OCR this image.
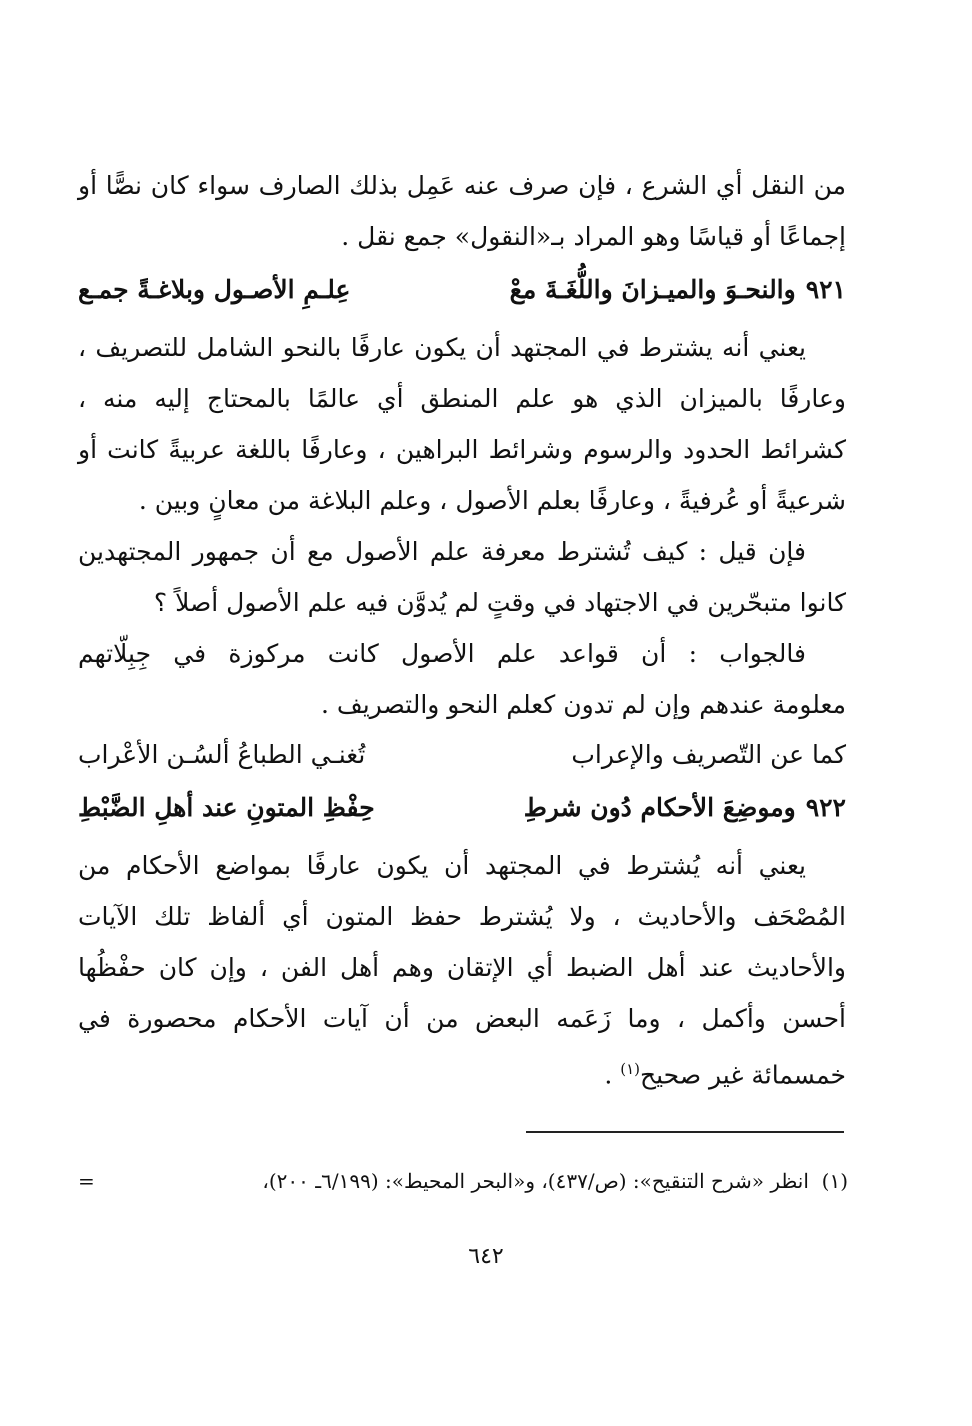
من النقل أي الشرع ، فإن صرف عنه عَمِل بذلك الصارف سواء كان نصًّا أو
إجماعًا أو قياسًا وهو المراد بـ«النقول» جمع نقل .
٩٢١والنحـوَ والميـزانَ واللُّغَـةَ معْ
عِلـمِ الأصـول وبلاغـةً جمـع
يعني أنه يشترط في المجتهد أن يكون عارفًا بالنحو الشامل للتصريف ،
وعارفًا بالميزان الذي هو علم المنطق أي عالمًا بالمحتاج إليه منه ،
كشرائط الحدود والرسوم وشرائط البراهين ، وعارفًا باللغة عربيةً كانت أو
شرعيةً أو عُرفيةً ، وعارفًا بعلم الأصول ، وعلم البلاغة من معانٍ وبين .
فإن قيل : كيف تُشترط معرفة علم الأصول مع أن جمهور المجتهدين
كانوا متبحّرين في الاجتهاد في وقتٍ لم يُدوَّن فيه علم الأصول أصلاً ؟
فالجواب : أن قواعد علم الأصول كانت مركوزة في جِبِلّاتهم
معلومة عندهم وإن لم تدون كعلم النحو والتصريف .
كما عن التّصريف والإعراب
تُغنـي الطباعُ ألسُـن الأعْراب
٩٢٢وموضِعَ الأحكام دُون شرطِ
حِفْظِ المتونِ عند أهلِ الضَّبْطِ
يعني أنه يُشترط في المجتهد أن يكون عارفًا بمواضع الأحكام من
المُصْحَف والأحاديث ، ولا يُشترط حفظ المتون أي ألفاظ تلك الآيات
والأحاديث عند أهل الضبط أي الإتقان وهم أهل الفن ، وإن كان حفْظُها
أحسن وأكمل ، وما زَعَمه البعض من أن آيات الأحكام محصورة في
خمسمائة غير صحيح$^{(١)}$ .
(١)  انظر «شرح التنقيح»: (ص/٤٣٧)، و«البحر المحيط»: (٦/١٩٩ـ ٢٠٠)،
=
٦٤٢
